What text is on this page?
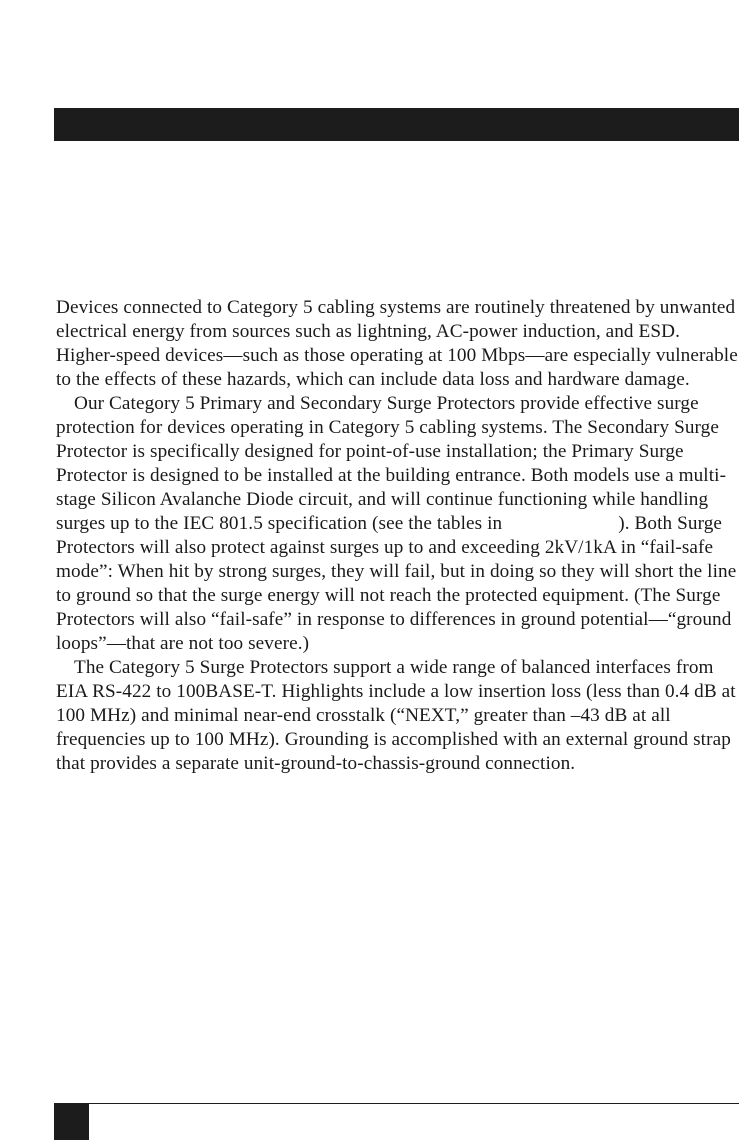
Devices connected to Category 5 cabling systems are routinely threatened by unwanted electrical energy from sources such as lightning, AC-power induction, and ESD. Higher-speed devices—such as those operating at 100 Mbps—are especially vulnerable to the effects of these hazards, which can include data loss and hardware damage.

Our Category 5 Primary and Secondary Surge Protectors provide effective surge protection for devices operating in Category 5 cabling systems. The Secondary Surge Protector is specifically designed for point-of-use installation; the Primary Surge Protector is designed to be installed at the building entrance. Both models use a multi-stage Silicon Avalanche Diode circuit, and will continue functioning while handling surges up to the IEC 801.5 specification (see the tables in	). Both Surge Protectors will also protect against surges up to and exceeding 2kV/1kA in “fail-safe mode”: When hit by strong surges, they will fail, but in doing so they will short the line to ground so that the surge energy will not reach the protected equipment. (The Surge Protectors will also “fail-safe” in response to differences in ground potential—“ground loops”—that are not too severe.)

The Category 5 Surge Protectors support a wide range of balanced interfaces from EIA RS-422 to 100BASE-T. Highlights include a low insertion loss (less than 0.4 dB at 100 MHz) and minimal near-end crosstalk (“NEXT,” greater than –43 dB at all frequencies up to 100 MHz). Grounding is accomplished with an external ground strap that provides a separate unit-ground-to-chassis-ground connection.
